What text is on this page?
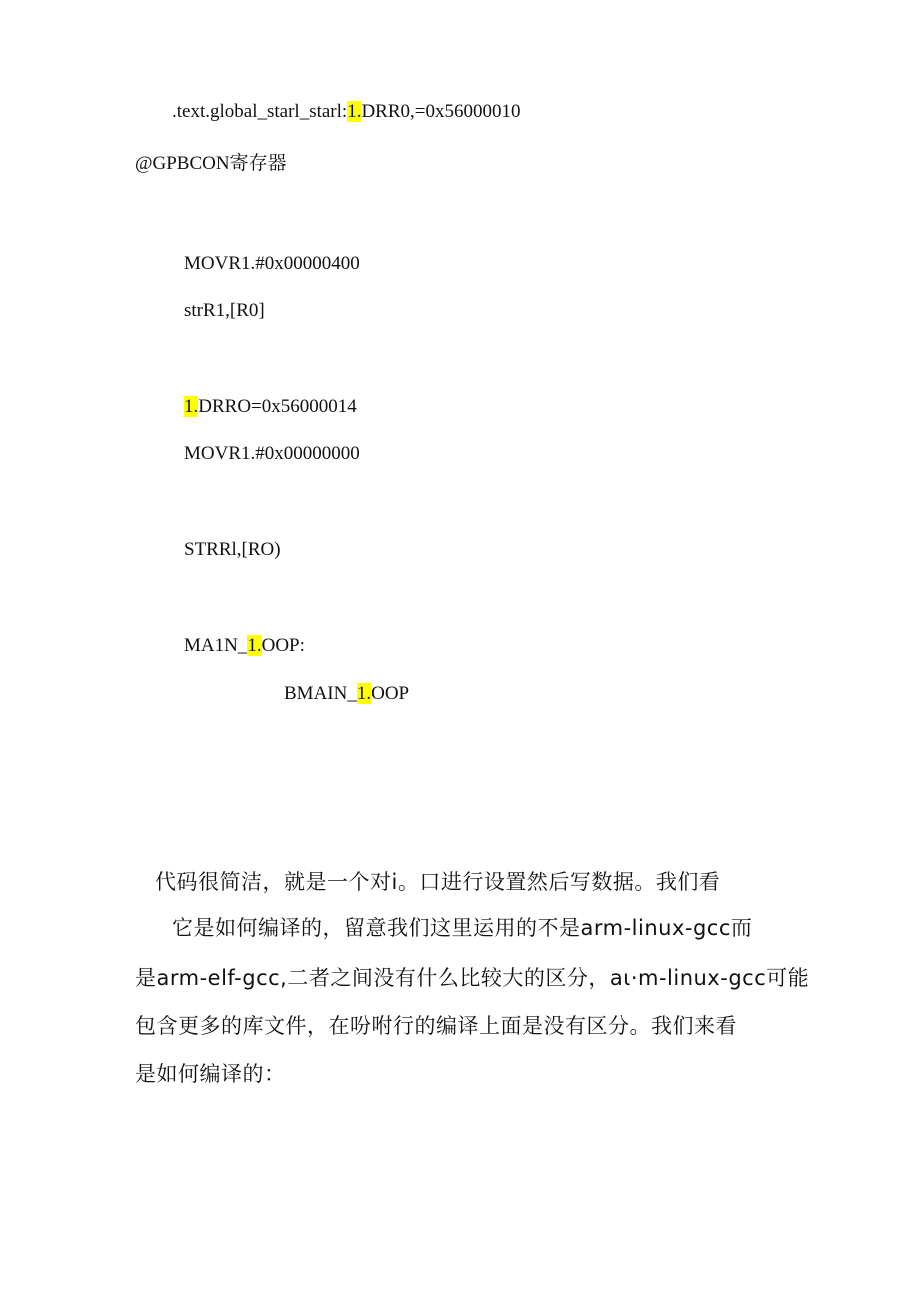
.text.global_starl_starl:1.DRR0,=0x56000010
@GPBCON寄存器
MOVR1.#0x00000400
strR1,[R0]
1.DRRO=0x56000014
MOVR1.#0x00000000
STRRl,[RO)
MA1N_1.OOP:
BMAIN_1.OOP
代码很简洁，就是一个对i。口进行设置然后写数据。我们看
它是如何编译的，留意我们这里运用的不是arm-linux-gcc而
是arm-elf-gcc,二者之间没有什么比较大的区分，aι·m-linux-gcc可能
包含更多的库文件，在吩咐行的编译上面是没有区分。我们来看
是如何编译的：
